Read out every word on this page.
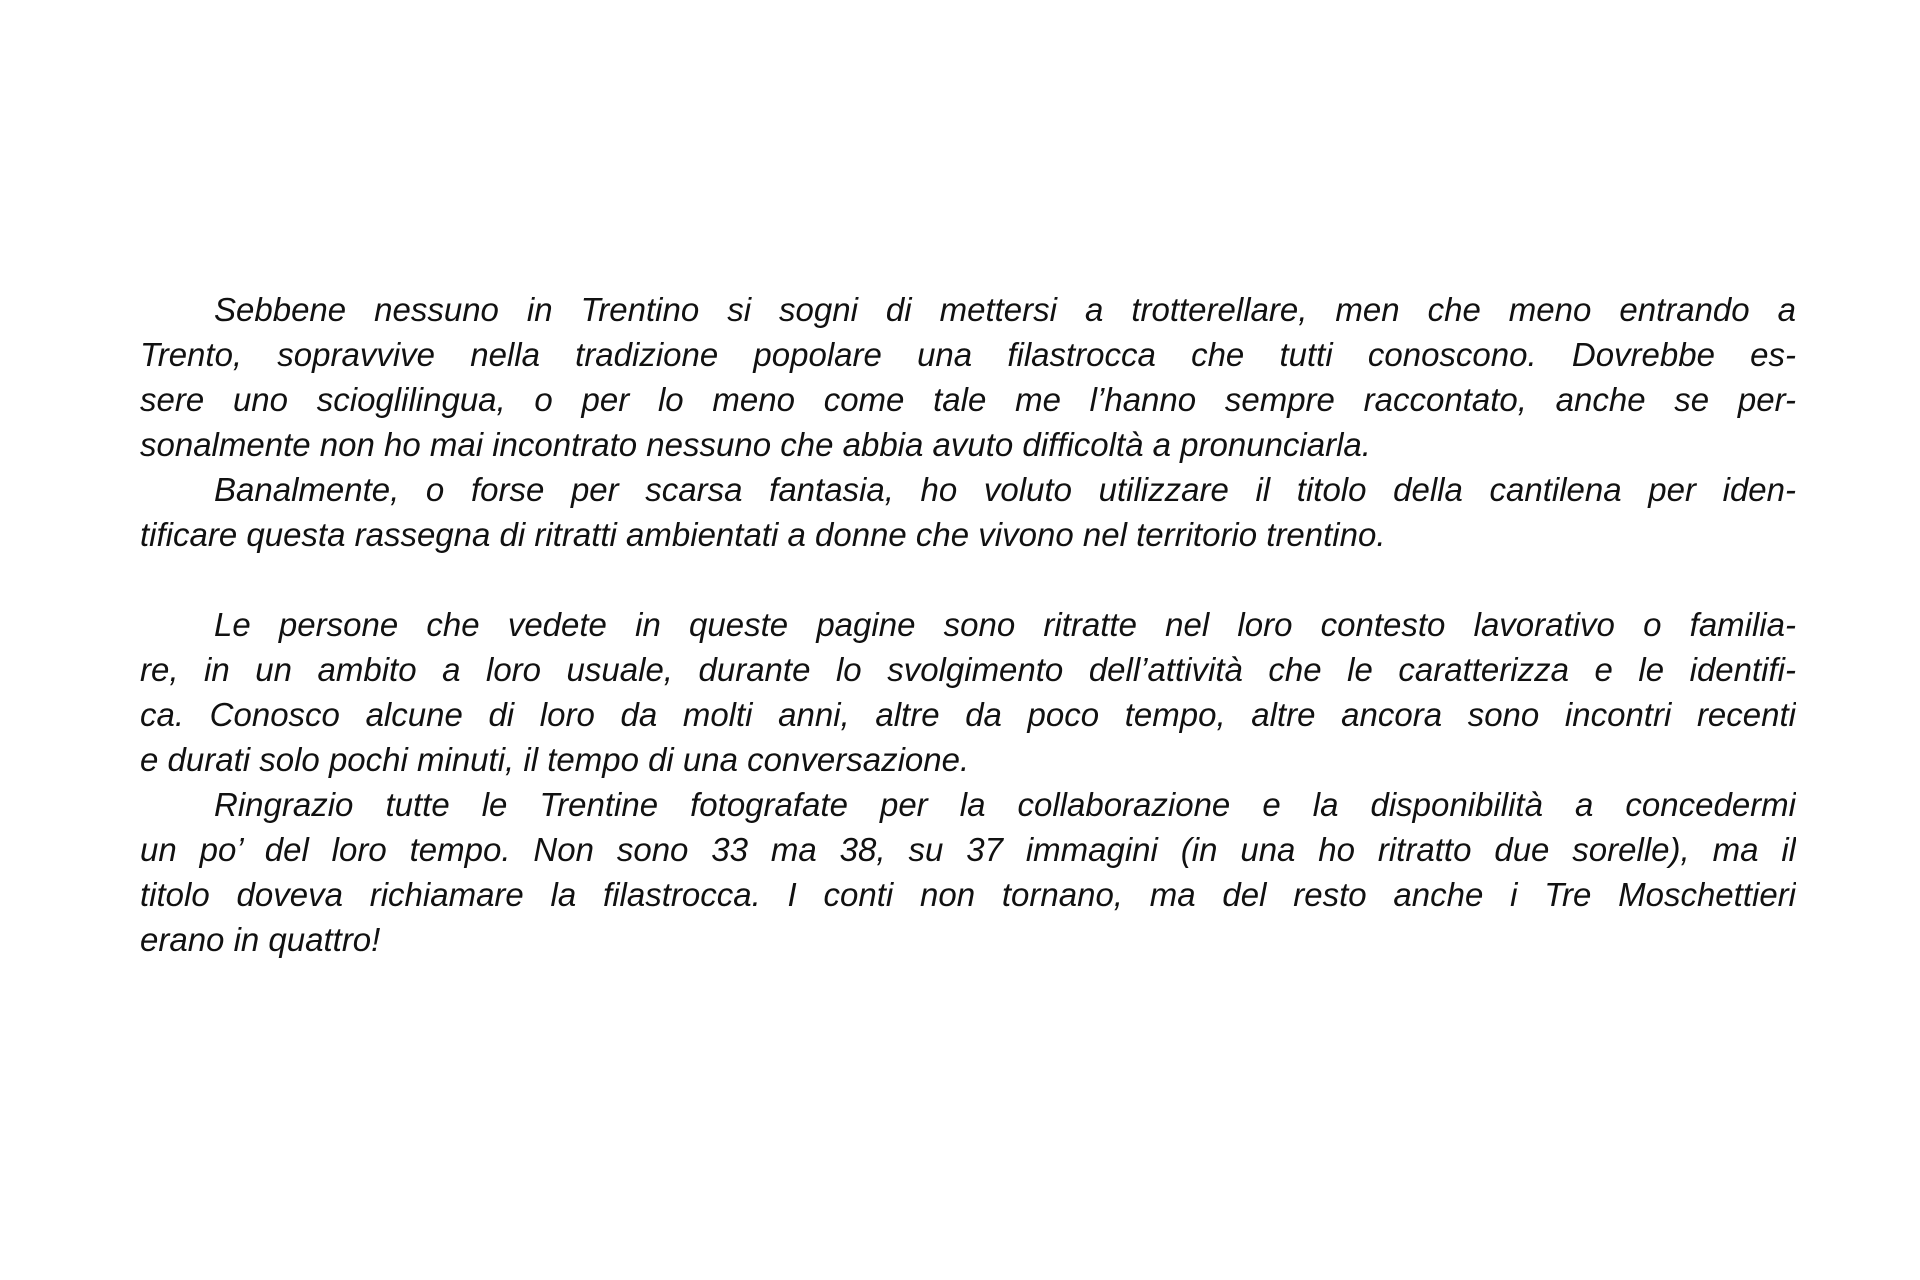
Sebbene nessuno in Trentino si sogni di mettersi a trotterellare, men che meno entrando a
Trento, sopravvive nella tradizione popolare una filastrocca che tutti conoscono. Dovrebbe es-
sere uno scioglilingua, o per lo meno come tale me l’hanno sempre raccontato, anche se per-
sonalmente non ho mai incontrato nessuno che abbia avuto difficoltà a pronunciarla.
Banalmente, o forse per scarsa fantasia, ho voluto utilizzare il titolo della cantilena per iden-
tificare questa rassegna di ritratti ambientati a donne che vivono nel territorio trentino.
Le persone che vedete in queste pagine sono ritratte nel loro contesto lavorativo o familia-
re, in un ambito a loro usuale, durante lo svolgimento dell’attività che le caratterizza e le identifi-
ca. Conosco alcune di loro da molti anni, altre da poco tempo, altre ancora sono incontri recenti
e durati solo pochi minuti, il tempo di una conversazione.
Ringrazio tutte le Trentine fotografate per la collaborazione e la disponibilità a concedermi
un po’ del loro tempo. Non sono 33 ma 38, su 37 immagini (in una ho ritratto due sorelle), ma il
titolo doveva richiamare la filastrocca. I conti non tornano, ma del resto anche i Tre Moschettieri
erano in quattro!
